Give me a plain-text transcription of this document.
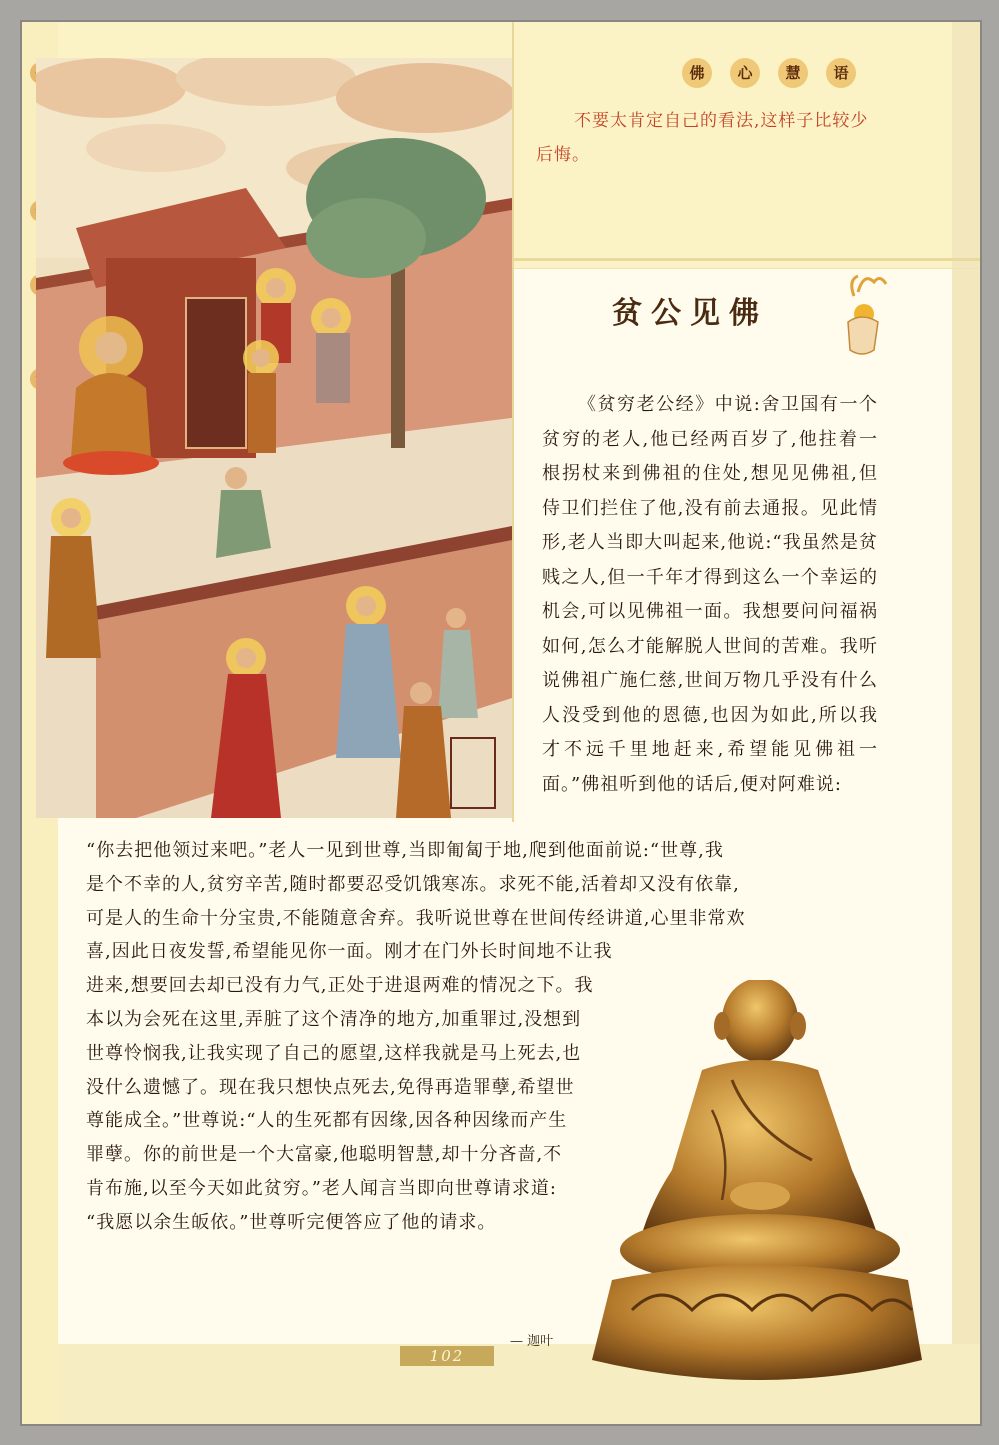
佛	心	慧	语
不要太肯定自己的看法,这样子比较少后悔。
贫公见佛
《贫穷老公经》中说:舍卫国有一个贫穷的老人,他已经两百岁了,他拄着一根拐杖来到佛祖的住处,想见见佛祖,但侍卫们拦住了他,没有前去通报。见此情形,老人当即大叫起来,他说:“我虽然是贫贱之人,但一千年才得到这么一个幸运的机会,可以见佛祖一面。我想要问问福祸如何,怎么才能解脱人世间的苦难。我听说佛祖广施仁慈,世间万物几乎没有什么人没受到他的恩德,也因为如此,所以我才不远千里地赶来,希望能见佛祖一面。”佛祖听到他的话后,便对阿难说:
“你去把他领过来吧。”老人一见到世尊,当即匍匐于地,爬到他面前说:“世尊,我
是个不幸的人,贫穷辛苦,随时都要忍受饥饿寒冻。求死不能,活着却又没有依靠,
可是人的生命十分宝贵,不能随意舍弃。我听说世尊在世间传经讲道,心里非常欢
喜,因此日夜发誓,希望能见你一面。刚才在门外长时间地不让我
进来,想要回去却已没有力气,正处于进退两难的情况之下。我
本以为会死在这里,弄脏了这个清净的地方,加重罪过,没想到
世尊怜悯我,让我实现了自己的愿望,这样我就是马上死去,也
没什么遗憾了。现在我只想快点死去,免得再造罪孽,希望世
尊能成全。”世尊说:“人的生死都有因缘,因各种因缘而产生
罪孽。你的前世是一个大富豪,他聪明智慧,却十分吝啬,不
肯布施,以至今天如此贫穷。”老人闻言当即向世尊请求道:
“我愿以余生皈依。”世尊听完便答应了他的请求。
— 迦叶
102
